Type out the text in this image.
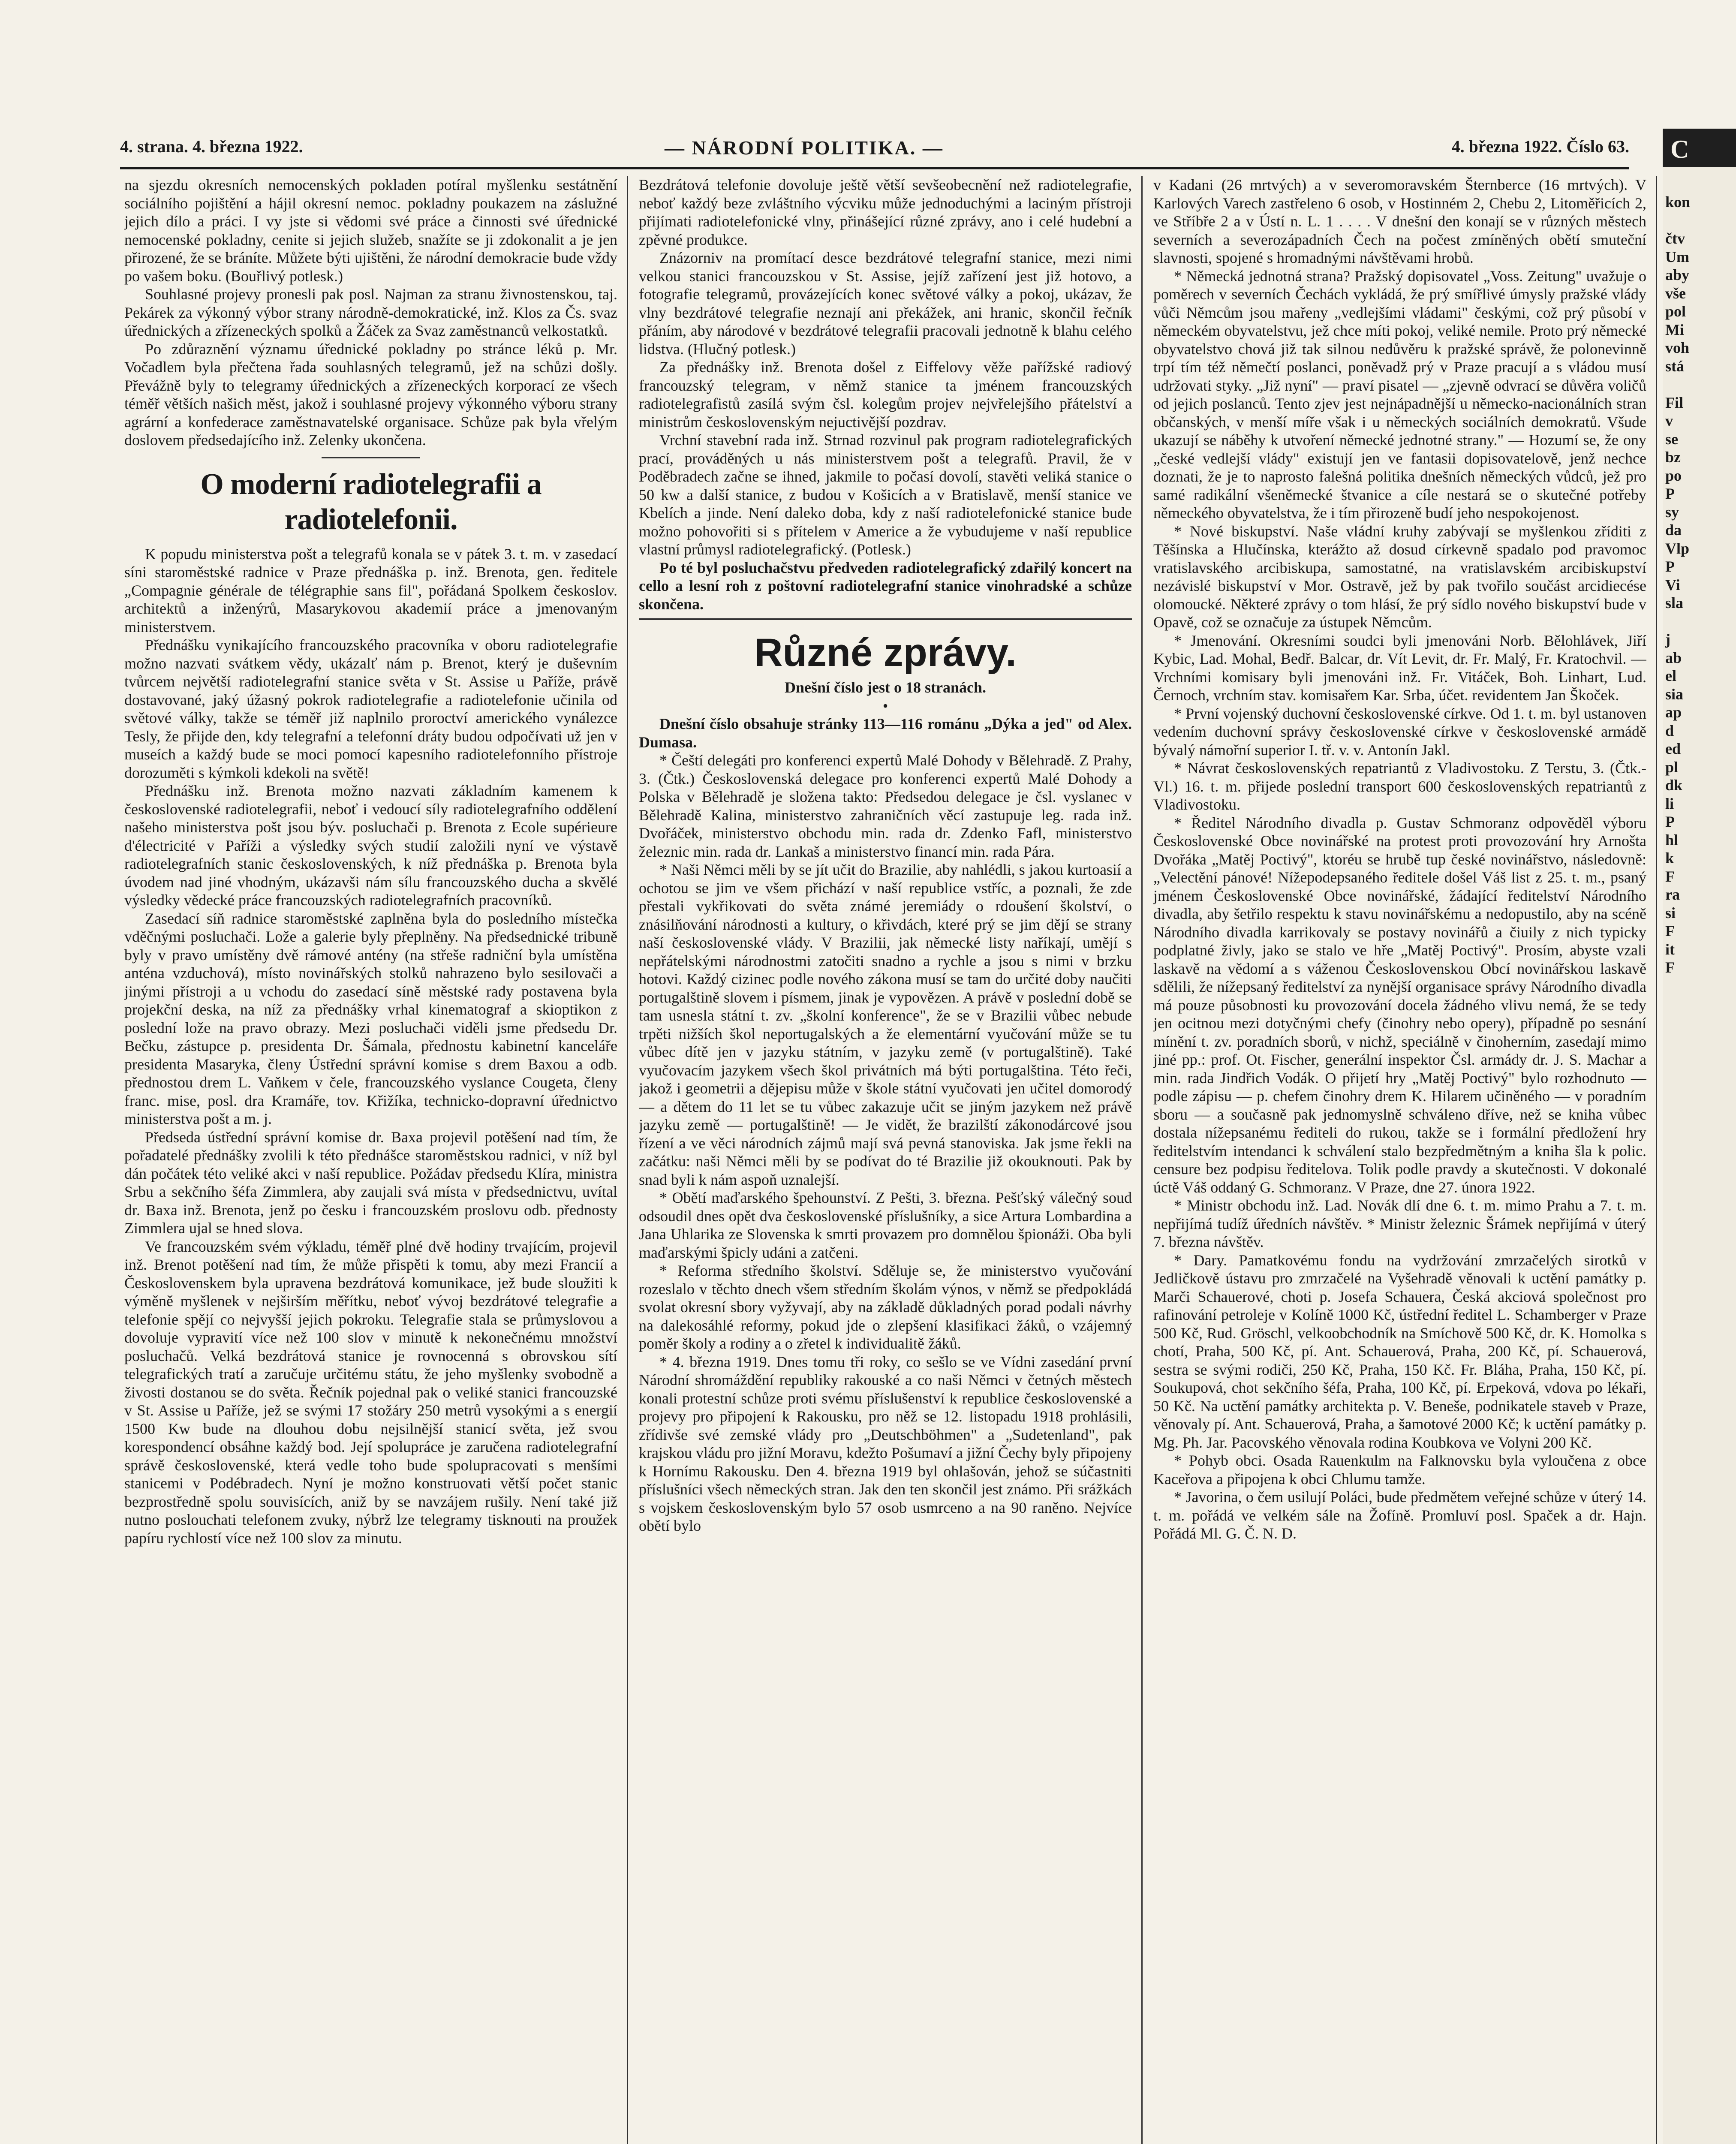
4. strana. 4. března 1922.	— NÁRODNÍ POLITIKA. —	4. března 1922. Číslo 63.

na sjezdu okresních nemocenských pokladen potíral myšlenku sestátnění sociálního pojištění a hájil okresní nemoc. pokladny poukazem na záslužné jejich dílo a práci. I vy jste si vědomi své práce a činnosti své úřednické nemocenské pokladny, cenite si jejich služeb, snažíte se ji zdokonalit a je jen přirozené, že se bráníte. Můžete býti ujištěni, že národní demokracie bude vždy po vašem boku. (Bouřlivý potlesk.)

Souhlasné projevy pronesli pak posl. Najman za stranu živnostenskou, taj. Pekárek za výkonný výbor strany národně-demokratické, inž. Klos za Čs. svaz úřednických a zřízeneckých spolků a Žáček za Svaz zaměstnanců velkostatků.

Po zdůraznění významu úřednické pokladny po stránce léků p. Mr. Vočadlem byla přečtena řada souhlasných telegramů, jež na schůzi došly. Převážně byly to telegramy úřednických a zřízeneckých korporací ze všech téměř větších našich měst, jakož i souhlasné projevy výkonného výboru strany agrární a konfederace zaměstnavatelské organisace. Schůze pak byla vřelým doslovem předsedajícího inž. Zelenky ukončena.

O moderní radiotelegrafii a radiotelefonii.

K popudu ministerstva pošt a telegrafů konala se v pátek 3. t. m. v zasedací síni staroměstské radnice v Praze přednáška p. inž. Brenota, gen. ředitele „Compagnie générale de télégraphie sans fil", pořádaná Spolkem českoslov. architektů a inženýrů, Masarykovou akademií práce a jmenovaným ministerstvem.

Přednášku vynikajícího francouzského pracovníka v oboru radiotelegrafie možno nazvati svátkem vědy, ukázalť nám p. Brenot, který je duševním tvůrcem největší radiotelegrafní stanice světa v St. Assise u Paříže, právě dostavované, jaký úžasný pokrok radiotelegrafie a radiotelefonie učinila od světové války, takže se téměř již naplnilo proroctví amerického vynálezce Tesly, že přijde den, kdy telegrafní a telefonní dráty budou odpočívati už jen v museích a každý bude se moci pomocí kapesního radiotelefonního přístroje dorozuměti s kýmkoli kdekoli na světě!

Přednášku inž. Brenota možno nazvati základním kamenem k československé radiotelegrafii, neboť i vedoucí síly radiotelegrafního oddělení našeho ministerstva pošt jsou býv. posluchači p. Brenota z Ecole supérieure d'électricité v Paříži a výsledky svých studií založili nyní ve výstavě radiotelegrafních stanic československých, k níž přednáška p. Brenota byla úvodem nad jiné vhodným, ukázavši nám sílu francouzského ducha a skvělé výsledky vědecké práce francouzských radiotelegrafních pracovníků.

Zasedací síň radnice staroměstské zaplněna byla do posledního místečka vděčnými posluchači. Lože a galerie byly přeplněny. Na předsednické tribuně byly v pravo umístěny dvě rámové antény (na střeše radniční byla umístěna anténa vzduchová), místo novinářských stolků nahrazeno bylo sesilovači a jinými přístroji a u vchodu do zasedací síně městské rady postavena byla projekční deska, na níž za přednášky vrhal kinematograf a skioptikon z poslední lože na pravo obrazy. Mezi posluchači viděli jsme předsedu Dr. Bečku, zástupce p. presidenta Dr. Šámala, přednostu kabinetní kanceláře presidenta Masaryka, členy Ústřední správní komise s drem Baxou a odb. přednostou drem L. Vaňkem v čele, francouzského vyslance Cougeta, členy franc. mise, posl. dra Kramáře, tov. Křižíka, technicko-dopravní úřednictvo ministerstva pošt a m. j.

Předseda ústřední správní komise dr. Baxa projevil potěšení nad tím, že pořadatelé přednášky zvolili k této přednášce staroměstskou radnici, v níž byl dán počátek této veliké akci v naší republice. Požádav předsedu Klíra, ministra Srbu a sekčního šéfa Zimmlera, aby zaujali svá místa v předsednictvu, uvítal dr. Baxa inž. Brenota, jenž po česku i francouzském proslovu odb. přednosty Zimmlera ujal se hned slova.

Ve francouzském svém výkladu, téměř plné dvě hodiny trvajícím, projevil inž. Brenot potěšení nad tím, že může přispěti k tomu, aby mezi Francií a Československem byla upravena bezdrátová komunikace, jež bude sloužiti k výměně myšlenek v nejširším měřítku, neboť vývoj bezdrátové telegrafie a telefonie spějí co nejvyšší jejich pokroku. Telegrafie stala se průmyslovou a dovoluje vypravití více než 100 slov v minutě k nekonečnému množství posluchačů. Velká bezdrátová stanice je rovnocenná s obrovskou sítí telegrafických tratí a zaručuje určitému státu, že jeho myšlenky svobodně a živosti dostanou se do světa. Řečník pojednal pak o veliké stanici francouzské v St. Assise u Paříže, jež se svými 17 stožáry 250 metrů vysokými a s energií 1500 Kw bude na dlouhou dobu nejsilnější stanicí světa, jež svou korespondencí obsáhne každý bod. Její spolupráce je zaručena radiotelegrafní správě československé, která vedle toho bude spolupracovati s menšími stanicemi v Podébradech. Nyní je možno konstruovati větší počet stanic bezprostředně spolu souvisících, aniž by se navzájem rušily. Není také již nutno poslouchati telefonem zvuky, nýbrž lze telegramy tisknouti na proužek papíru rychlostí více než 100 slov za minutu.

Bezdrátová telefonie dovoluje ještě větší sevšeobecnění než radiotelegrafie, neboť každý beze zvláštního výcviku může jednoduchými a laciným přístroji přijímati radiotelefonické vlny, přinášející různé zprávy, ano i celé hudební a zpěvné produkce.

Znázorniv na promítací desce bezdrátové telegrafní stanice, mezi nimi velkou stanici francouzskou v St. Assise, jejíž zařízení jest již hotovo, a fotografie telegramů, provázejících konec světové války a pokoj, ukázav, že vlny bezdrátové telegrafie neznají ani překážek, ani hranic, skončil řečník přáním, aby národové v bezdrátové telegrafii pracovali jednotně k blahu celého lidstva. (Hlučný potlesk.)

Za přednášky inž. Brenota došel z Eiffelovy věže pařížské radiový francouzský telegram, v němž stanice ta jménem francouzských radiotelegrafistů zasílá svým čsl. kolegům projev nejvřelejšího přátelství a ministrům československým nejuctivější pozdrav.

Vrchní stavební rada inž. Strnad rozvinul pak program radiotelegrafických prací, prováděných u nás ministerstvem pošt a telegrafů. Pravil, že v Poděbradech začne se ihned, jakmile to počasí dovolí, stavěti veliká stanice o 50 kw a další stanice, z budou v Košicích a v Bratislavě, menší stanice ve Kbelích a jinde. Není daleko doba, kdy z naší radiotelefonické stanice bude možno pohovořiti si s přítelem v Americe a že vybudujeme v naší republice vlastní průmysl radiotelegrafický. (Potlesk.)

Po té byl posluchačstvu předveden radiotelegrafický zdařilý koncert na cello a lesní roh z poštovní radiotelegrafní stanice vinohradské a schůze skončena.

Různé zprávy.

Dnešní číslo jest o 18 stranách.

•

Dnešní číslo obsahuje stránky 113—116 románu „Dýka a jed" od Alex. Dumasa.

* Čeští delegáti pro konferenci expertů Malé Dohody v Bělehradě. Z Prahy, 3. (Čtk.) Československá delegace pro konferenci expertů Malé Dohody a Polska v Bělehradě je složena takto: Předsedou delegace je čsl. vyslanec v Bělehradě Kalina, ministerstvo zahraničních věcí zastupuje leg. rada inž. Dvořáček, ministerstvo obchodu min. rada dr. Zdenko Fafl, ministerstvo železnic min. rada dr. Lankaš a ministerstvo financí min. rada Pára.

* Naši Němci měli by se jít učit do Brazilie, aby nahlédli, s jakou kurtoasií a ochotou se jim ve všem přichází v naší republice vstříc, a poznali, že zde přestali vykřikovati do světa známé jeremiády o rdoušení školství, o znásilňování národnosti a kultury, o křivdách, které prý se jim dějí se strany naší československé vlády. V Brazilii, jak německé listy naříkají, umějí s nepřátelskými národnostmi zatočiti snadno a rychle a jsou s nimi v brzku hotovi. Každý cizinec podle nového zákona musí se tam do určité doby naučiti portugalštině slovem i písmem, jinak je vypovězen. A právě v poslední době se tam usnesla státní t. zv. „školní konference", že se v Brazilii vůbec nebude trpěti nižších škol neportugalských a že elementární vyučování může se tu vůbec dítě jen v jazyku státním, v jazyku země (v portugalštině). Také vyučovacím jazykem všech škol privátních má býti portugalština. Této řeči, jakož i geometrii a dějepisu může v škole státní vyučovati jen učitel domorodý — a dětem do 11 let se tu vůbec zakazuje učit se jiným jazykem než právě jazyku země — portugalštině! — Je vidět, že brazilští zákonodárcové jsou řízení a ve věci národních zájmů mají svá pevná stanoviska. Jak jsme řekli na začátku: naši Němci měli by se podívat do té Brazilie již okouknouti. Pak by snad byli k nám aspoň uznalejší.

* Obětí maďarského špehounství. Z Pešti, 3. března. Pešťský válečný soud odsoudil dnes opět dva československé příslušníky, a sice Artura Lombardina a Jana Uhlarika ze Slovenska k smrti provazem pro domnělou špionáži. Oba byli maďarskými špicly udáni a zatčeni.

* Reforma středního školství. Sděluje se, že ministerstvo vyučování rozeslalo v těchto dnech všem středním školám výnos, v němž se předpokládá svolat okresní sbory vyžyvají, aby na základě důkladných porad podali návrhy na dalekosáhlé reformy, pokud jde o zlepšení klasifikaci žáků, o vzájemný poměr školy a rodiny a o zřetel k individualitě žáků.

* 4. března 1919. Dnes tomu tři roky, co sešlo se ve Vídni zasedání první Národní shromáždění republiky rakouské a co naši Němci v četných městech konali protestní schůze proti svému příslušenství k republice československé a projevy pro připojení k Rakousku, pro něž se 12. listopadu 1918 prohlásili, zřídivše své zemské vlády pro „Deutschböhmen" a „Sudetenland", pak krajskou vládu pro jižní Moravu, kdežto Pošumaví a jižní Čechy byly připojeny k Hornímu Rakousku. Den 4. března 1919 byl ohlašován, jehož se súčastniti příslušníci všech německých stran. Jak den ten skončil jest známo. Při srážkách s vojskem československým bylo 57 osob usmrceno a na 90 raněno. Nejvíce obětí bylo

v Kadani (26 mrtvých) a v severomoravském Šternberce (16 mrtvých). V Karlových Varech zastřeleno 6 osob, v Hostinném 2, Chebu 2, Litoměřicích 2, ve Stříbře 2 a v Ústí n. L. 1 . . . . V dnešní den konají se v různých městech severních a severozápadních Čech na počest zmíněných obětí smuteční slavnosti, spojené s hromadnými návštěvami hrobů.

* Německá jednotná strana? Pražský dopisovatel „Voss. Zeitung" uvažuje o poměrech v severních Čechách vykládá, že prý smířlivé úmysly pražské vlády vůči Němcům jsou mařeny „vedlejšími vládami" českými, což prý působí v německém obyvatelstvu, jež chce míti pokoj, veliké nemile. Proto prý německé obyvatelstvo chová již tak silnou nedůvěru k pražské správě, že polonevinně trpí tím též němečtí poslanci, poněvadž prý v Praze pracují a s vládou musí udržovati styky. „Již nyní" — praví pisatel — „zjevně odvrací se důvěra voličů od jejich poslanců. Tento zjev jest nejnápadnější u německo-nacionálních stran občanských, v menší míře však i u německých sociálních demokratů. Všude ukazují se náběhy k utvoření německé jednotné strany." — Hozumí se, že ony „české vedlejší vlády" existují jen ve fantasii dopisovatelově, jenž nechce doznati, že je to naprosto falešná politika dnešních německých vůdců, jež pro samé radikální všeněmecké štvanice a cíle nestará se o skutečné potřeby německého obyvatelstva, že i tím přirozeně budí jeho nespokojenost.

* Nové biskupství. Naše vládní kruhy zabývají se myšlenkou zříditi z Těšínska a Hlučínska, kterážto až dosud církevně spadalo pod pravomoc vratislavského arcibiskupa, samostatné, na vratislavském arcibiskupství nezávislé biskupství v Mor. Ostravě, jež by pak tvořilo součást arcidiecése olomoucké. Některé zprávy o tom hlásí, že prý sídlo nového biskupství bude v Opavě, což se označuje za ústupek Němcům.

* Jmenování. Okresními soudci byli jmenováni Norb. Bělohlávek, Jiří Kybic, Lad. Mohal, Bedř. Balcar, dr. Vít Levit, dr. Fr. Malý, Fr. Kratochvil. — Vrchními komisary byli jmenováni inž. Fr. Vitáček, Boh. Linhart, Lud. Černoch, vrchním stav. komisařem Kar. Srba, účet. revidentem Jan Škoček.

* První vojenský duchovní československé církve. Od 1. t. m. byl ustanoven vedením duchovní správy československé církve v československé armádě bývalý námořní superior I. tř. v. v. Antonín Jakl.

* Návrat československých repatriantů z Vladivostoku. Z Terstu, 3. (Čtk.-Vl.) 16. t. m. přijede poslední transport 600 československých repatriantů z Vladivostoku.

* Ředitel Národního divadla p. Gustav Schmoranz odpověděl výboru Československé Obce novinářské na protest proti provozování hry Arnošta Dvořáka „Matěj Poctivý", ktoréu se hrubě tup české novinářstvo, následovně: „Velectění pánové! Nížepodepsaného ředitele došel Váš list z 25. t. m., psaný jménem Československé Obce novinářské, žádající ředitelství Národního divadla, aby šetřilo respektu k stavu novinářskému a nedopustilo, aby na scéně Národního divadla karrikovaly se postavy novinářů a čiuily z nich typicky podplatné živly, jako se stalo ve hře „Matěj Poctivý". Prosím, abyste vzali laskavě na vědomí a s váženou Československou Obcí novinářskou laskavě sdělili, že nížepsaný ředitelství za nynější organisace správy Národního divadla má pouze působnosti ku provozování docela žádného vlivu nemá, že se tedy jen ocitnou mezi dotyčnými chefy (činohry nebo opery), případně po sesnání mínění t. zv. poradních sborů, v nichž, speciálně v činoherním, zasedají mimo jiné pp.: prof. Ot. Fischer, generální inspektor Čsl. armády dr. J. S. Machar a min. rada Jindřich Vodák. O přijetí hry „Matěj Poctivý" bylo rozhodnuto — podle zápisu — p. chefem činohry drem K. Hilarem učiněného — v poradním sboru — a současně pak jednomyslně schváleno dříve, než se kniha vůbec dostala nížepsanému řediteli do rukou, takže se i formální předložení hry ředitelstvím intendanci k schválení stalo bezpředmětným a kniha šla k polic. censure bez podpisu ředitelova. Tolik podle pravdy a skutečnosti. V dokonalé úctě Váš oddaný G. Schmoranz. V Praze, dne 27. února 1922.

* Ministr obchodu inž. Lad. Novák dlí dne 6. t. m. mimo Prahu a 7. t. m. nepřijímá tudíž úředních návštěv. * Ministr železnic Šrámek nepřijímá v úterý 7. března návštěv.

* Dary. Pamatkovému fondu na vydržování zmrzačelých sirotků v Jedličkově ústavu pro zmrzačelé na Vyšehradě věnovali k uctění památky p. Marči Schauerové, choti p. Josefa Schauera, Česká akciová společnost pro rafinování petroleje v Kolíně 1000 Kč, ústřední ředitel L. Schamberger v Praze 500 Kč, Rud. Gröschl, velkoobchodník na Smíchově 500 Kč, dr. K. Homolka s chotí, Praha, 500 Kč, pí. Ant. Schauerová, Praha, 200 Kč, pí. Schauerová, sestra se svými rodiči, 250 Kč, Praha, 150 Kč. Fr. Bláha, Praha, 150 Kč, pí. Soukupová, chot sekčního šéfa, Praha, 100 Kč, pí. Erpeková, vdova po lékaři, 50 Kč. Na uctění památky architekta p. V. Beneše, podnikatele staveb v Praze, věnovaly pí. Ant. Schauerová, Praha, a šamotové 2000 Kč; k uctění památky p. Mg. Ph. Jar. Pacovského věnovala rodina Koubkova ve Volyni 200 Kč.

* Pohyb obci. Osada Rauenkulm na Falknovsku byla vyloučena z obce Kaceřova a připojena k obci Chlumu tamže.

* Javorina, o čem usilují Poláci, bude předmětem veřejné schůze v úterý 14. t. m. pořádá ve velkém sále na Žofíně. Promluví posl. Spaček a dr. Hajn. Pořádá Ml. G. Č. N. D.

C
kon

čtv
Um
aby
vše
pol
Mi
voh
stá

Fil
v
se
bz
po
P
sy
da
Vlp
P
Vi
sla

j
ab
el
sia
ap
d
ed
pl
dk
li
P
hl
k
F
ra
si
F
it
F
